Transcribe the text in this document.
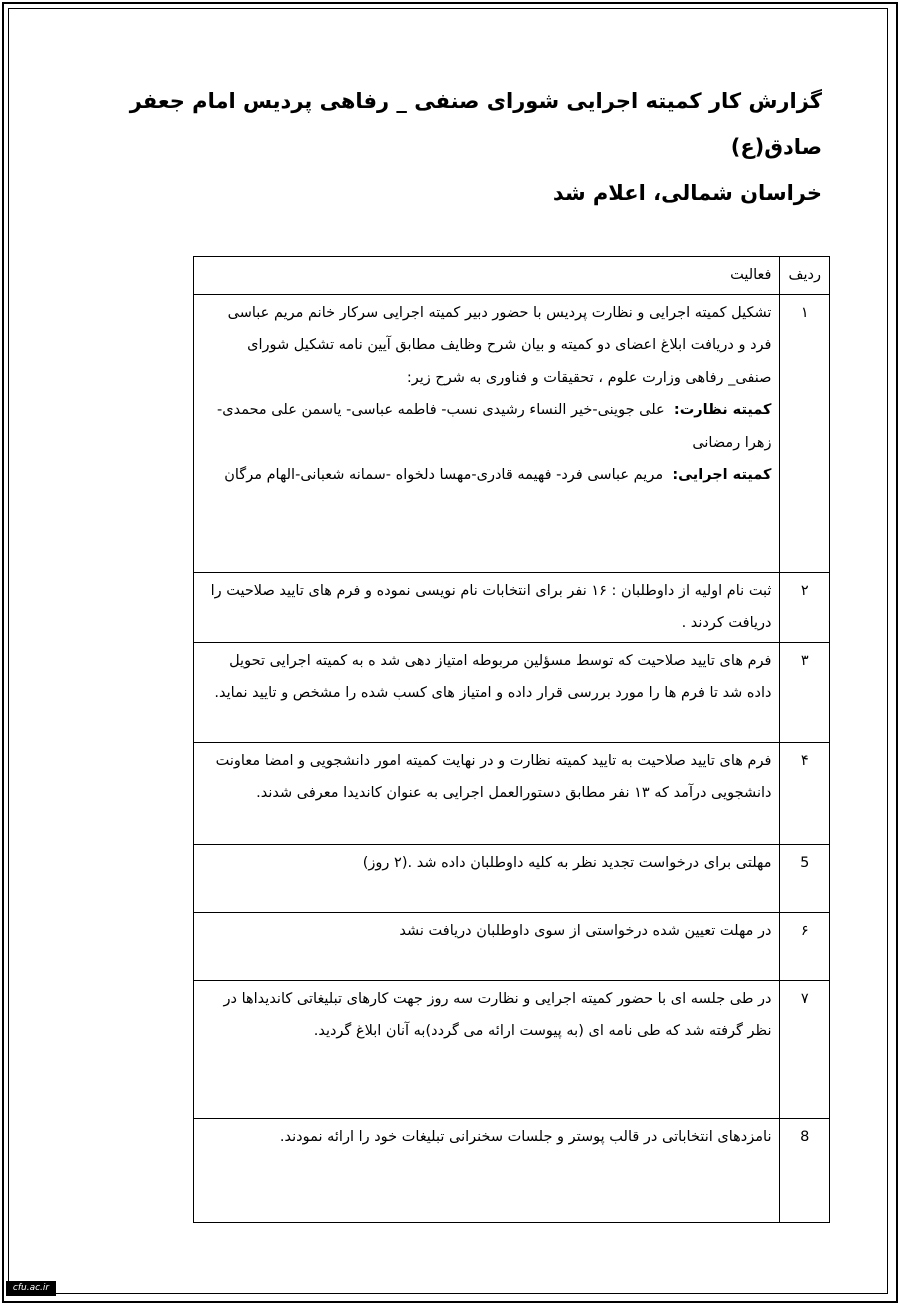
گزارش کار کمیته اجرایی شورای صنفی _ رفاهی پردیس امام جعفر صادق(ع)
خراسان شمالی، اعلام شد
ردیف	فعالیت
۱	تشکیل کمیته اجرایی و نظارت پردیس با حضور دبیر کمیته اجرایی سرکار خانم مریم عباسی فرد و دریافت ابلاغ اعضای دو کمیته و بیان شرح وظایف مطابق آیین نامه تشکیل شورای صنفی_ رفاهی وزارت علوم ، تحقیقات و فناوری به شرح زیر:

کمیته نظارت:  علی جوینی-خیر النساء رشیدی نسب- فاطمه عباسی- یاسمن علی محمدی- زهرا رمضانی

کمیته اجرایی:  مریم عباسی فرد- فهیمه قادری-مهسا دلخواه -سمانه شعبانی-الهام مرگان

۲	ثبت نام اولیه از داوطلبان : ۱۶ نفر برای انتخابات نام نویسی نموده و فرم های تایید صلاحیت را دریافت کردند .
۳	فرم های تایید صلاحیت که توسط مسؤلین مربوطه امتیاز دهی شد ه به کمیته اجرایی تحویل داده شد تا فرم ها را مورد بررسی قرار داده و امتیاز های کسب شده را مشخص و تایید نماید.
۴	فرم های تایید صلاحیت به تایید کمیته نظارت و در نهایت کمیته امور دانشجویی و امضا معاونت دانشجویی درآمد که ۱۳ نفر مطابق دستورالعمل اجرایی به عنوان کاندیدا معرفی شدند.
5	مهلتی برای درخواست تجدید نظر به کلیه داوطلبان داده شد .(۲ روز)
۶	در مهلت تعیین شده درخواستی از سوی داوطلبان دریافت نشد
۷	در طی جلسه ای با حضور کمیته اجرایی و نظارت سه روز جهت کارهای تبلیغاتی کاندیداها در نظر گرفته شد که طی نامه ای (به پیوست ارائه می گردد)به آنان ابلاغ گردید.
8	نامزدهای انتخاباتی در قالب پوستر و جلسات سخنرانی تبلیغات خود را ارائه نمودند.
cfu.ac.ir
